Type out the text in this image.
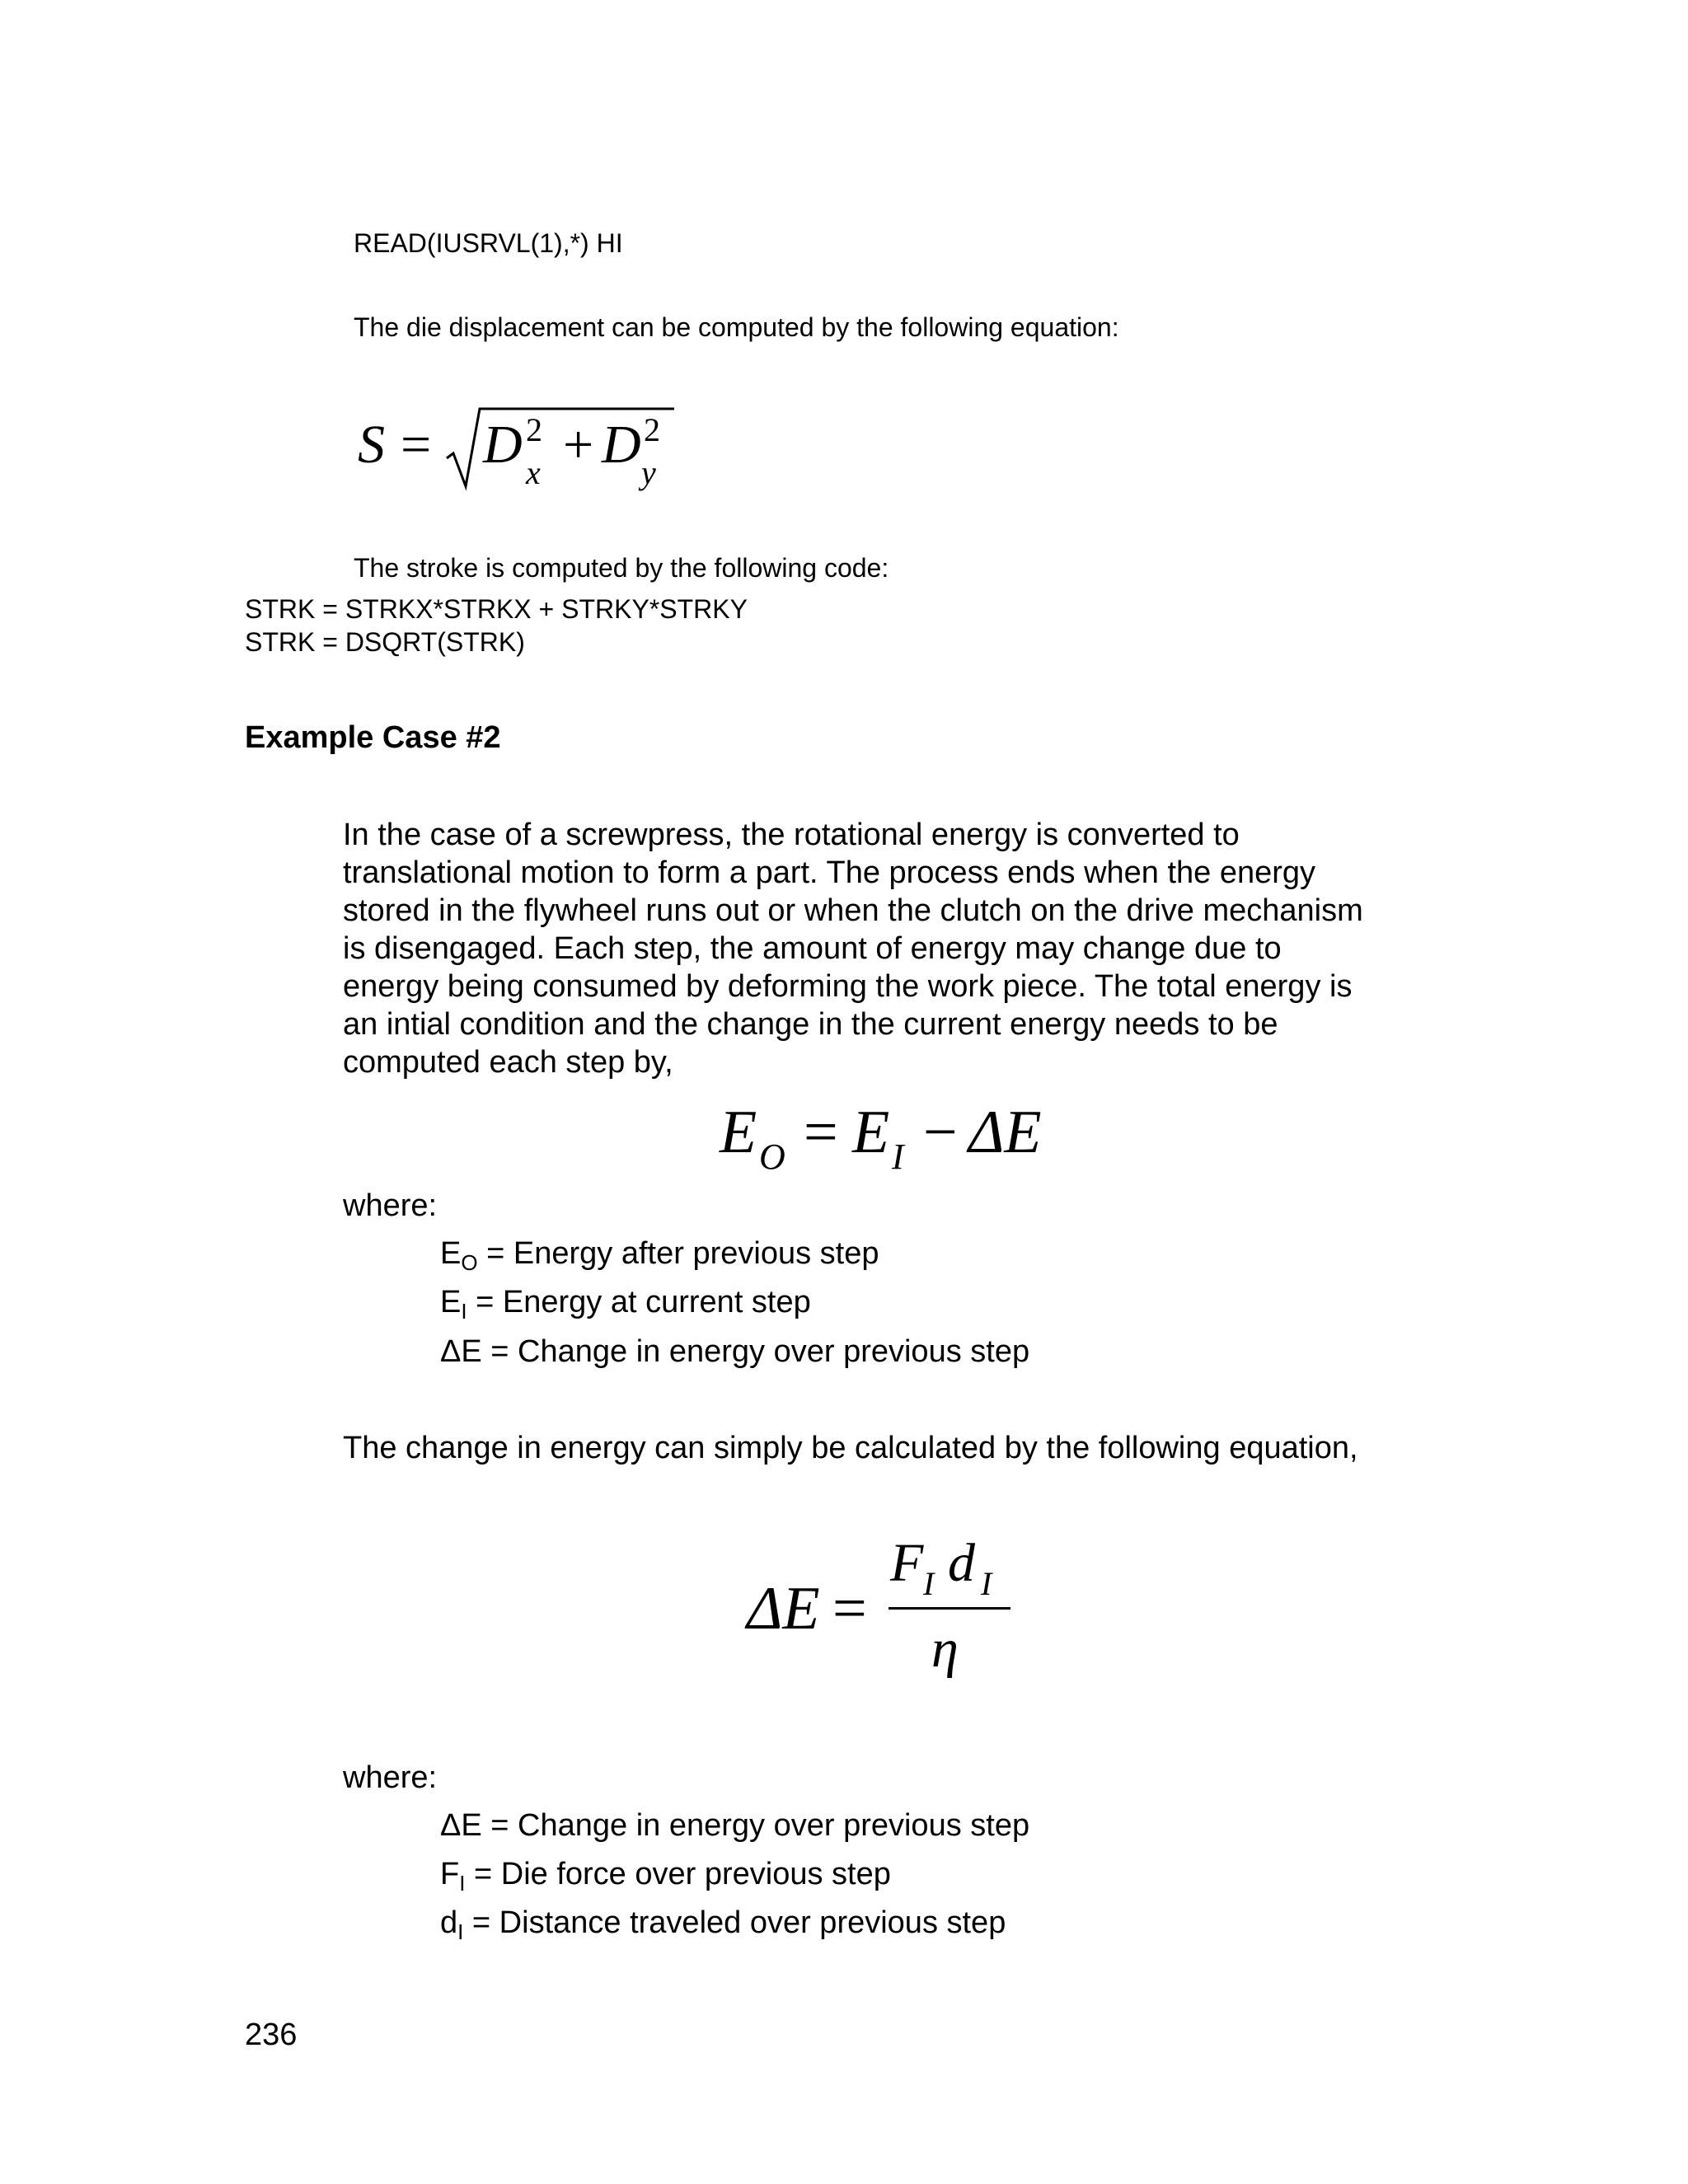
READ(IUSRVL(1),*) HI
The die displacement can be computed by the following equation:
S = D 2
x + D 2
y
The stroke is computed by the following code:
STRK = STRKX*STRKX + STRKY*STRKY
STRK = DSQRT(STRK)
Example Case #2
In the case of a screwpress, the rotational energy is converted to
translational motion to form a part. The process ends when the energy
stored in the flywheel runs out or when the clutch on the drive mechanism
is disengaged. Each step, the amount of energy may change due to
energy being consumed by deforming the work piece. The total energy is
an intial condition and the change in the current energy needs to be
computed each step by,
E O = E I − ΔE
where:
$E_O$ = Energy after previous step
$E_I$ = Energy at current step
ΔE = Change in energy over previous step
The change in energy can simply be calculated by the following equation,
ΔE =
F I d I
η
where:
ΔE = Change in energy over previous step
$F_I$ = Die force over previous step
$d_I$ = Distance traveled over previous step
236
